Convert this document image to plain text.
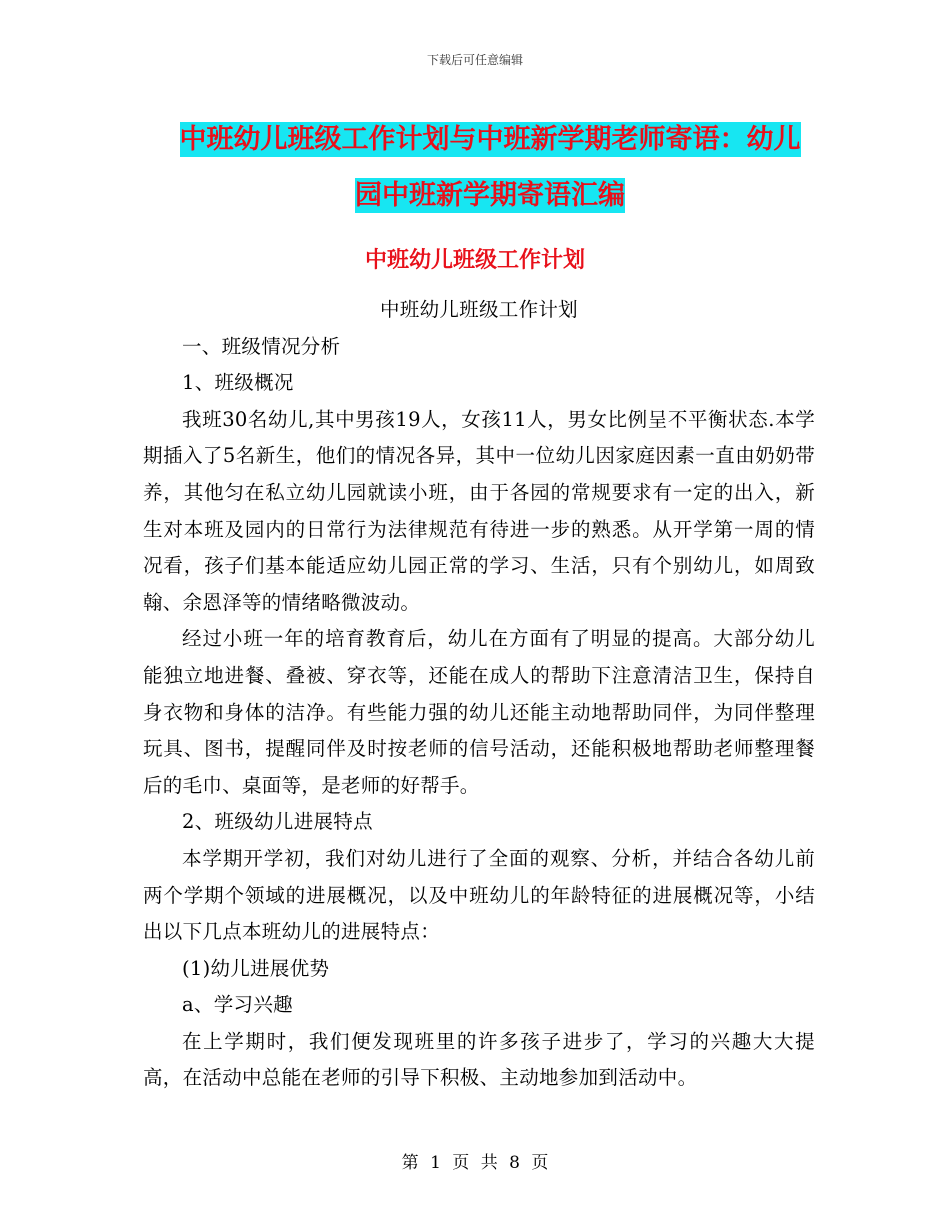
下载后可任意编辑
中班幼儿班级工作计划与中班新学期老师寄语：幼儿
园中班新学期寄语汇编
中班幼儿班级工作计划

中班幼儿班级工作计划

一、班级情况分析

1、班级概况

我班30名幼儿,其中男孩19人，女孩11人，男女比例呈不平衡状态.本学期插入了5名新生，他们的情况各异，其中一位幼儿因家庭因素一直由奶奶带养，其他匀在私立幼儿园就读小班，由于各园的常规要求有一定的出入，新生对本班及园内的日常行为法律规范有待进一步的熟悉。从开学第一周的情况看，孩子们基本能适应幼儿园正常的学习、生活，只有个别幼儿，如周致翰、余恩泽等的情绪略微波动。

经过小班一年的培育教育后，幼儿在方面有了明显的提高。大部分幼儿能独立地进餐、叠被、穿衣等，还能在成人的帮助下注意清洁卫生，保持自身衣物和身体的洁净。有些能力强的幼儿还能主动地帮助同伴，为同伴整理玩具、图书，提醒同伴及时按老师的信号活动，还能积极地帮助老师整理餐后的毛巾、桌面等，是老师的好帮手。

2、班级幼儿进展特点

本学期开学初，我们对幼儿进行了全面的观察、分析，并结合各幼儿前两个学期个领域的进展概况，以及中班幼儿的年龄特征的进展概况等，小结出以下几点本班幼儿的进展特点：

(1)幼儿进展优势

a、学习兴趣

在上学期时，我们便发现班里的许多孩子进步了，学习的兴趣大大提高，在活动中总能在老师的引导下积极、主动地参加到活动中。

第 1 页 共 8 页
